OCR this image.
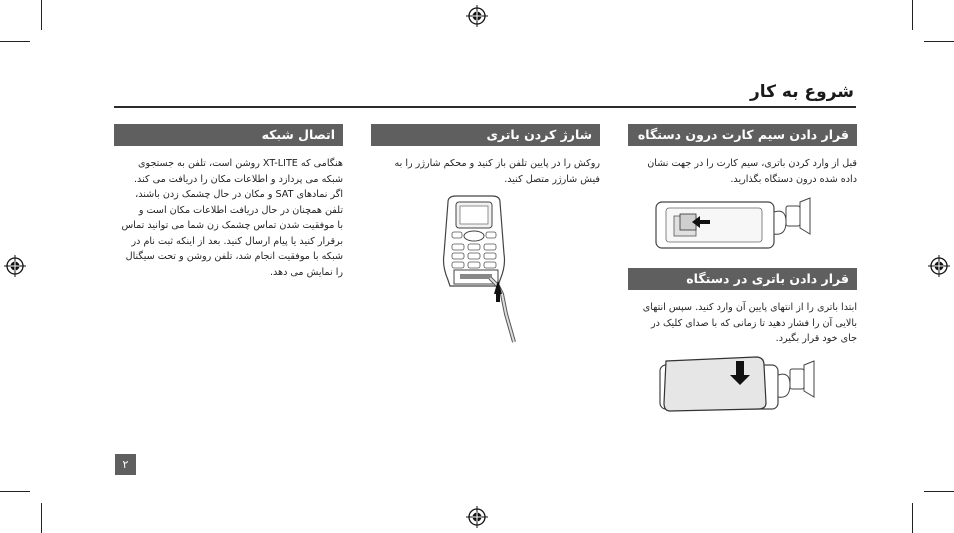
شروع به کار
اتصال شبکه
هنگامی که XT-LITE روشن است، تلفن به جستجوی
شبکه می پردازد و اطلاعات مکان را دریافت می کند.
اگر نمادهای SAT و مکان در حال چشمک زدن باشند،
تلفن همچنان در حال دریافت اطلاعات مکان است و
با موفقیت شدن تماس چشمک زن شما می توانید تماس
برقرار کنید یا پیام ارسال کنید. بعد از اینکه ثبت نام در
شبکه با موفقیت انجام شد، تلفن روشن و تحت سیگنال
را نمایش می دهد.
شارژ کردن باتری
روکش را در پایین تلفن باز کنید و محکم شارژر را به
فیش شارژر متصل کنید.
قرار دادن سیم کارت درون دستگاه
قبل از وارد کردن باتری، سیم کارت را در جهت نشان
داده شده درون دستگاه بگذارید.
قرار دادن باتری در دستگاه
ابتدا باتری را از انتهای پایین آن وارد کنید. سپس انتهای
بالایی آن را فشار دهید تا زمانی که با صدای کلیک در
جای خود قرار بگیرد.
۲
